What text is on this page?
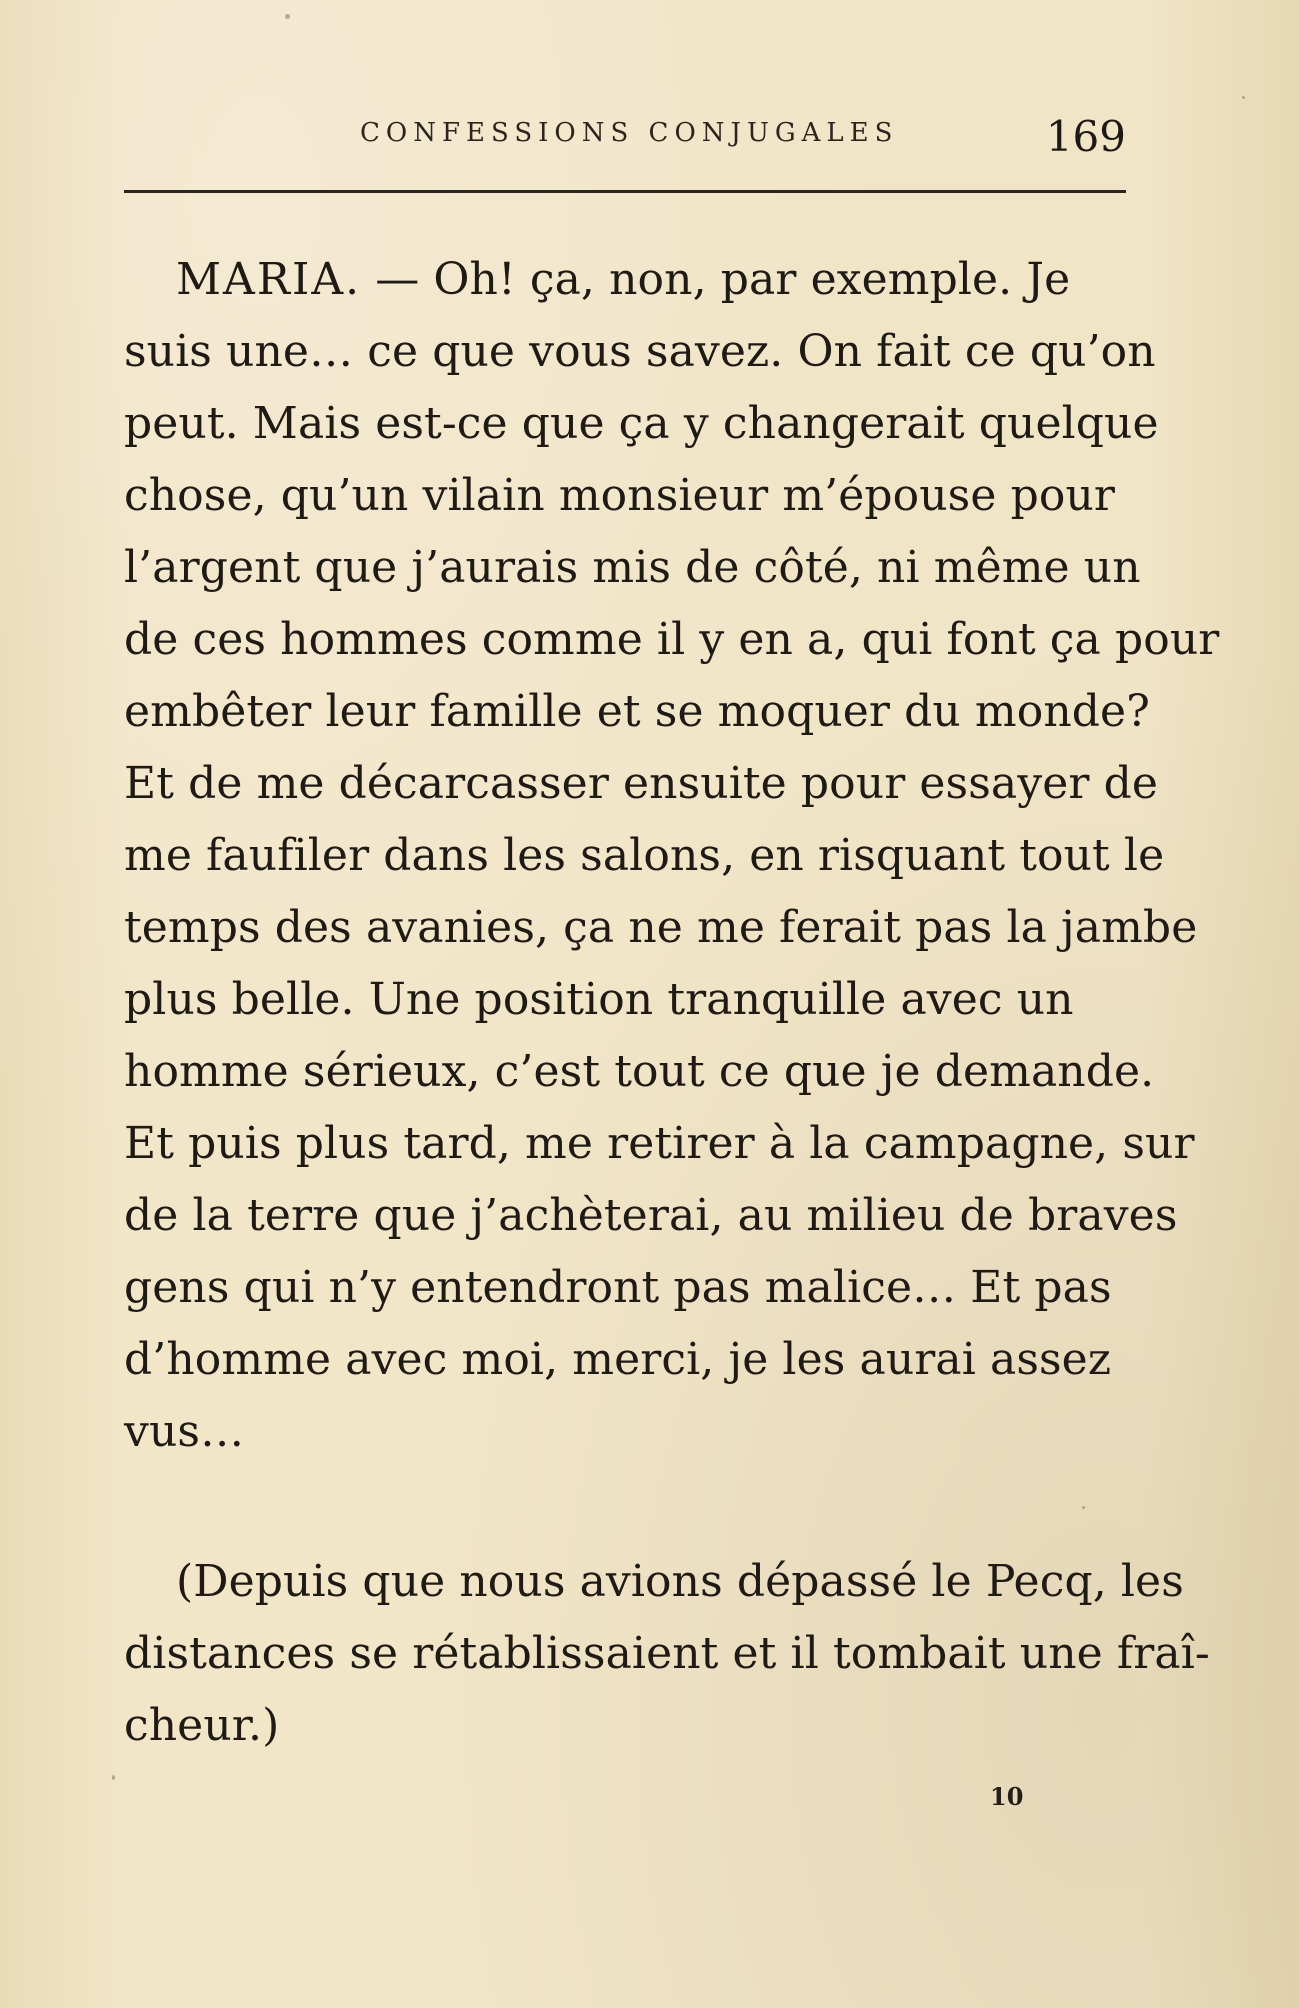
CONFESSIONS CONJUGALES	169
MARIA. — Oh! ça, non, par exemple. Je
suis une… ce que vous savez. On fait ce qu’on
peut. Mais est-ce que ça y changerait quelque
chose, qu’un vilain monsieur m’épouse pour
l’argent que j’aurais mis de côté, ni même un
de ces hommes comme il y en a, qui font ça pour
embêter leur famille et se moquer du monde?
Et de me décarcasser ensuite pour essayer de
me faufiler dans les salons, en risquant tout le
temps des avanies, ça ne me ferait pas la jambe
plus belle. Une position tranquille avec un
homme sérieux, c’est tout ce que je demande.
Et puis plus tard, me retirer à la campagne, sur
de la terre que j’achèterai, au milieu de braves
gens qui n’y entendront pas malice… Et pas
d’homme avec moi, merci, je les aurai assez
vus…
(Depuis que nous avions dépassé le Pecq, les
distances se rétablissaient et il tombait une fraî-
cheur.)
10
